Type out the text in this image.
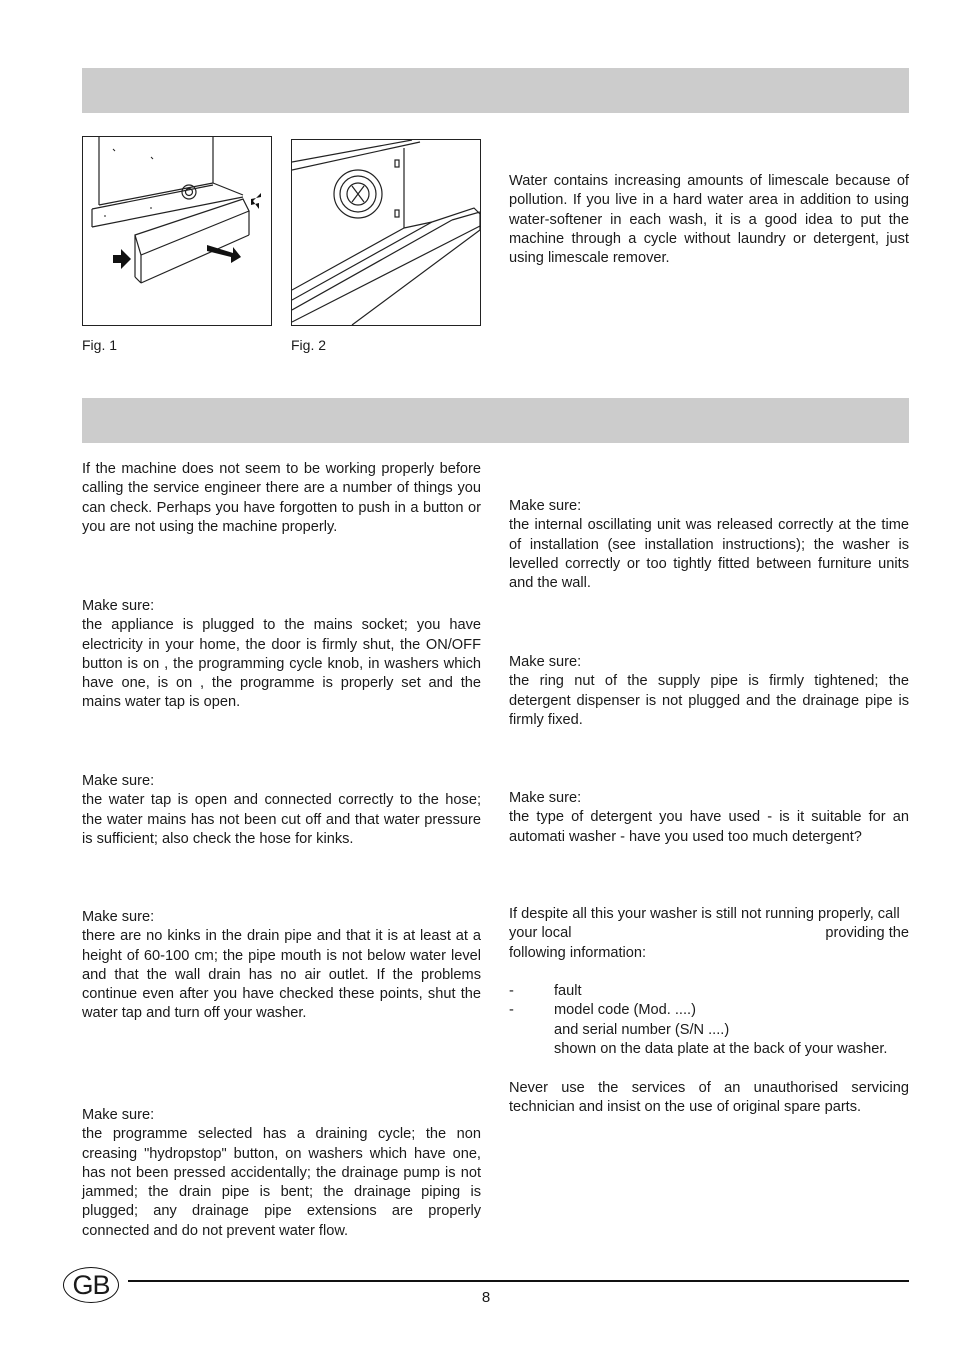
Fig. 1	Fig. 2
Water contains increasing amounts of limescale because of pollution. If you live in a hard water area in addition to using water-softener in each wash, it is a good idea to put the machine through a cycle without laundry or detergent, just using limescale remover.
If the machine does not seem to be working properly before calling the service engineer there are a number of things you can check. Perhaps you have forgotten to push in a button or you are not using the machine properly.

Make sure:

the appliance is plugged to the mains socket; you have electricity in your home, the door is firmly shut, the ON/OFF button is on , the programming cycle knob, in washers which have one, is on , the programme is properly set and the mains water tap is open.

Make sure:

the water tap is open and connected correctly to the hose; the water mains has not been cut off and that water pressure is sufficient; also check the hose for kinks.

Make sure:

there are no kinks in the drain pipe and that it is at least at a height of 60-100 cm; the pipe mouth is not below water level and that the wall drain has no air outlet. If the problems continue even after you have checked these points, shut the water tap and turn off your washer.

Make sure:

the programme selected has a draining cycle; the non creasing "hydropstop" button, on washers which have one, has not been pressed accidentally; the drainage pump is not jammed; the drain pipe is bent; the drainage piping is plugged; any drainage pipe extensions are properly connected and do not prevent water flow.

Make sure:

the internal oscillating unit was released correctly at the time of installation (see installation instructions); the washer is levelled correctly or too tightly fitted between furniture units and the wall.

Make sure:

the ring nut of the supply pipe is firmly tightened; the detergent dispenser is not plugged and the drainage pipe is firmly fixed.

Make sure:

the type of detergent you have used - is it suitable for an automati washer - have you used too much detergent?

If despite all this your washer is still not running properly, call

your local	providing the

following information:

-	fault
-	model code (Mod. ....)
and serial number (S/N ....)
shown on the data plate at the back of your washer.

Never use the services of an unauthorised servicing technician and insist on the use of original spare parts.

GB	8
